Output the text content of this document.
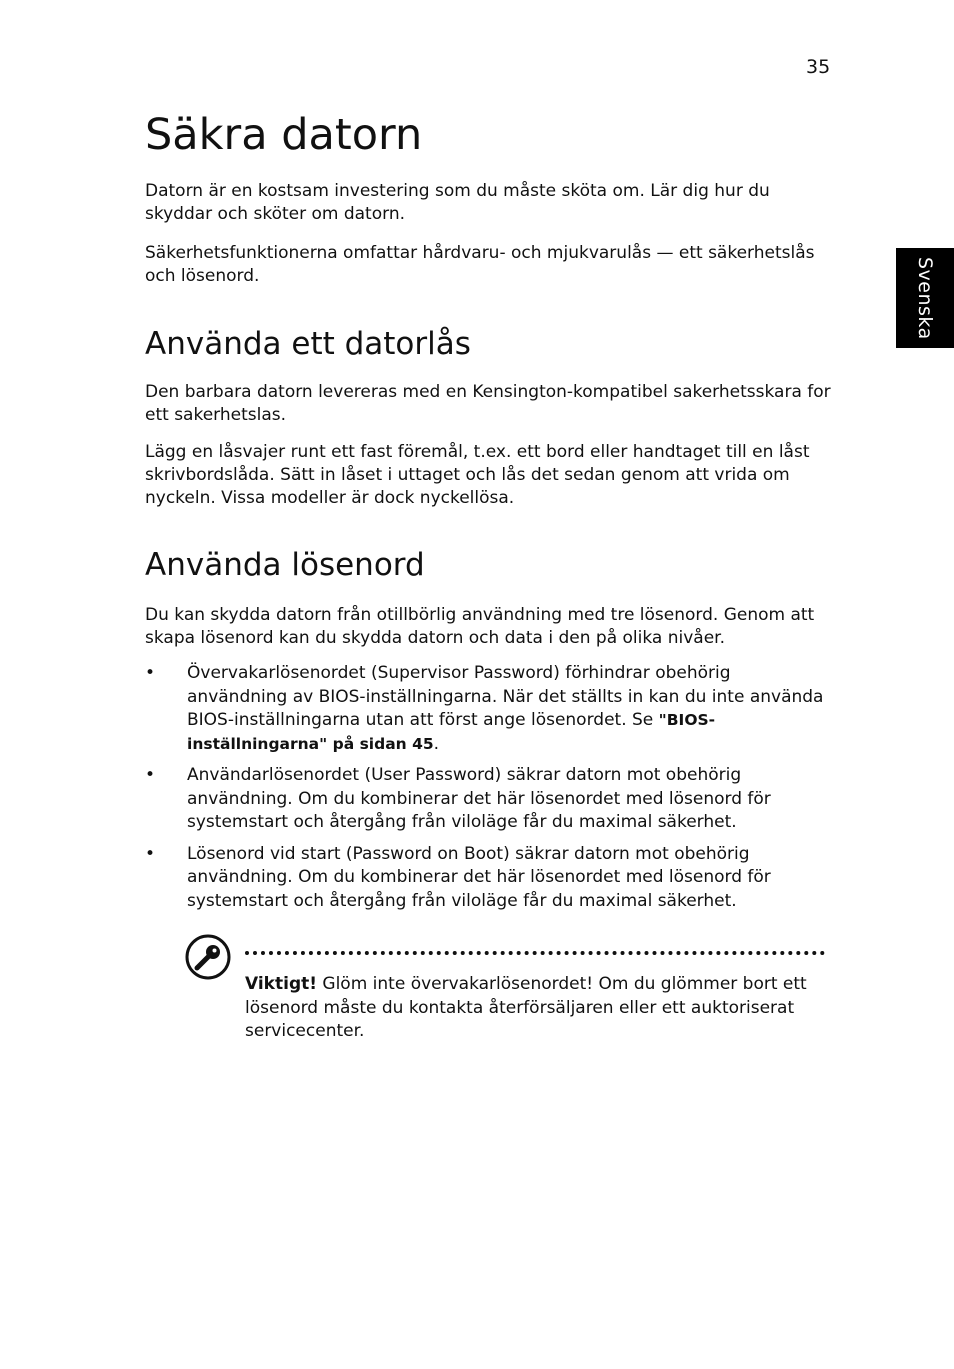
35
Svenska
Säkra datorn

Datorn är en kostsam investering som du måste sköta om. Lär dig hur du skyddar och sköter om datorn.

Säkerhetsfunktionerna omfattar hårdvaru- och mjukvarulås — ett säkerhetslås och lösenord.

Använda ett datorlås

Den barbara datorn levereras med en Kensington-kompatibel sakerhetsskara for ett sakerhetslas.

Lägg en låsvajer runt ett fast föremål, t.ex. ett bord eller handtaget till en låst skrivbordslåda. Sätt in låset i uttaget och lås det sedan genom att vrida om nyckeln. Vissa modeller är dock nyckellösa.

Använda lösenord

Du kan skydda datorn från otillbörlig användning med tre lösenord. Genom att skapa lösenord kan du skydda datorn och data i den på olika nivåer.

• Övervakarlösenordet (Supervisor Password) förhindrar obehörig användning av BIOS-inställningarna. När det ställts in kan du inte använda BIOS-inställningarna utan att först ange lösenordet. Se "BIOS-inställningarna" på sidan 45.
• Användarlösenordet (User Password) säkrar datorn mot obehörig användning. Om du kombinerar det här lösenordet med lösenord för systemstart och återgång från viloläge får du maximal säkerhet.
• Lösenord vid start (Password on Boot) säkrar datorn mot obehörig användning. Om du kombinerar det här lösenordet med lösenord för systemstart och återgång från viloläge får du maximal säkerhet.

Viktigt! Glöm inte övervakarlösenordet! Om du glömmer bort ett lösenord måste du kontakta återförsäljaren eller ett auktoriserat servicecenter.
